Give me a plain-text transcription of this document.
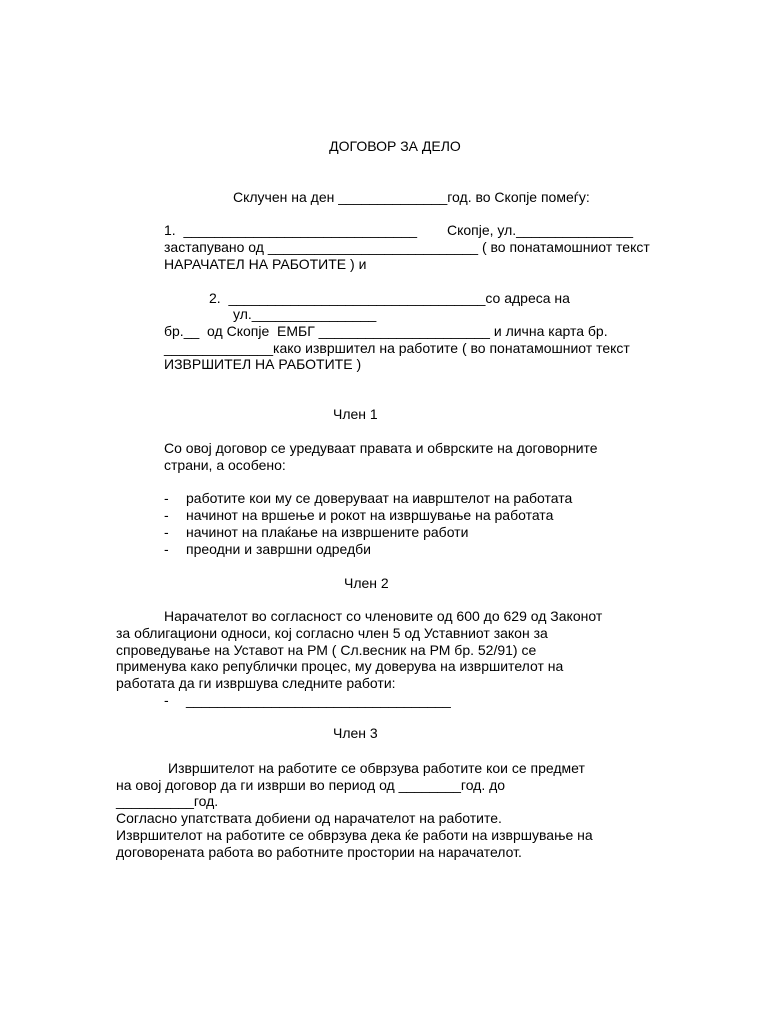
ДОГОВОР ЗА ДЕЛО
Склучен на ден ______________год. во Скопје помеѓу:
1.  ______________________________ Скопје, ул._______________
застапувано од ___________________________ ( во понатамошниот текст
НАРАЧАТЕЛ НА РАБОТИТЕ ) и
2.  _________________________________со адреса на
ул.________________
бр.__  од Скопје  ЕМБГ ______________________ и лична карта бр.
______________како извршител на работите ( во понатамошниот текст
ИЗВРШИТЕЛ НА РАБОТИТЕ )
Член 1
Со овој договор се уредуваат правата и обврските на договорните
страни, а особено:
- работите кои му се доверуваат на иаврштелот на работата
- начинот на вршење и рокот на извршување на работата
- начинот на плаќање на извршените работи
- преодни и завршни одредби
Член 2
Нарачателот во согласност со членовите од 600 до 629 од Законот
за облигациони односи, кој согласно член 5 од Уставниот закон за
спроведување на Уставот на РМ ( Сл.весник на РМ бр. 52/91) се
применува како републички процес, му доверува на извршителот на
работата да ги извршува следните работи:
- __________________________________
Член 3
Извршителот на работите се обврзува работите кои се предмет
на овој договор да ги изврши во период од ________год. до
__________год.
Согласно упатствата добиени од нарачателот на работите.
Извршителот на работите се обврзува дека ќе работи на извршување на
договорената работа во работните простории на нарачателот.
